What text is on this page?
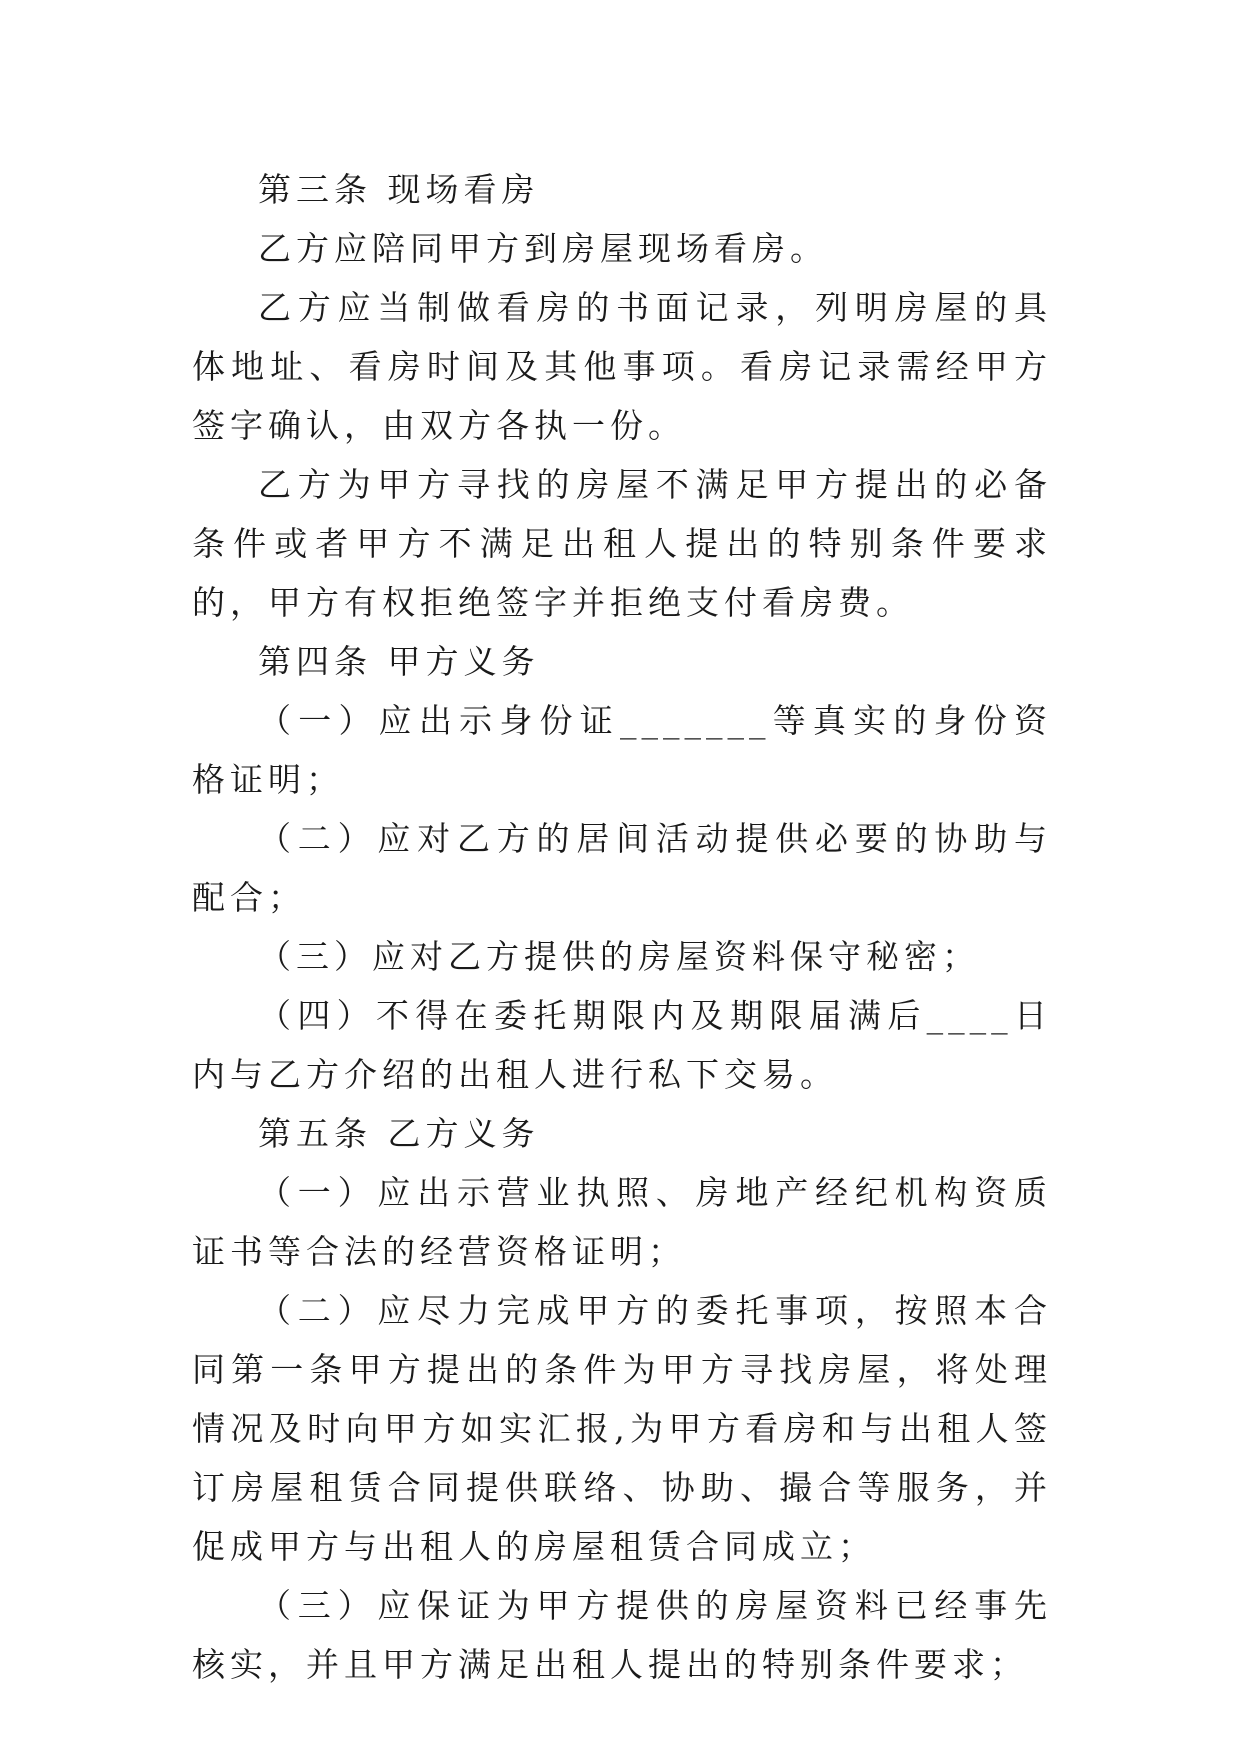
第三条 现场看房

乙方应陪同甲方到房屋现场看房。

乙方应当制做看房的书面记录，列明房屋的具体地址、看房时间及其他事项。看房记录需经甲方签字确认，由双方各执一份。

乙方为甲方寻找的房屋不满足甲方提出的必备条件或者甲方不满足出租人提出的特别条件要求的，甲方有权拒绝签字并拒绝支付看房费。

第四条 甲方义务

（一）应出示身份证_______等真实的身份资格证明；

（二）应对乙方的居间活动提供必要的协助与配合；

（三）应对乙方提供的房屋资料保守秘密；

（四）不得在委托期限内及期限届满后____日内与乙方介绍的出租人进行私下交易。

第五条 乙方义务

（一）应出示营业执照、房地产经纪机构资质证书等合法的经营资格证明；

（二）应尽力完成甲方的委托事项，按照本合同第一条甲方提出的条件为甲方寻找房屋，将处理情况及时向甲方如实汇报,为甲方看房和与出租人签订房屋租赁合同提供联络、协助、撮合等服务，并促成甲方与出租人的房屋租赁合同成立；

（三）应保证为甲方提供的房屋资料已经事先核实，并且甲方满足出租人提出的特别条件要求；
